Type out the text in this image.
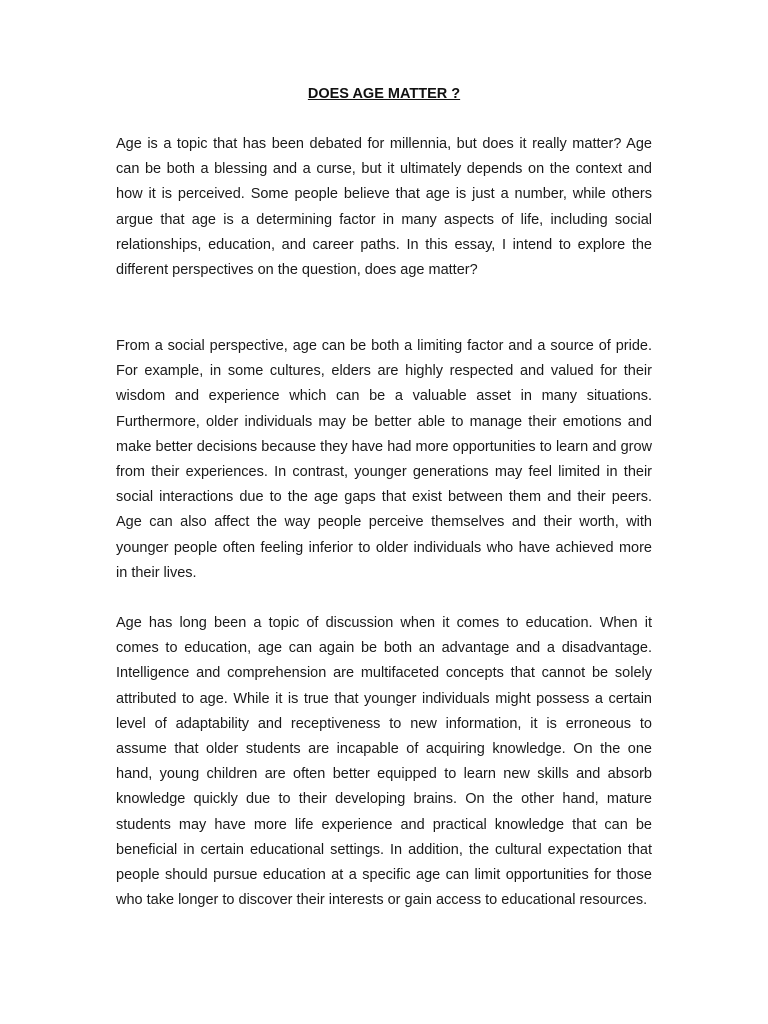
DOES AGE MATTER ?

Age is a topic that has been debated for millennia, but does it really matter? Age can be both a blessing and a curse, but it ultimately depends on the context and how it is perceived. Some people believe that age is just a number, while others argue that age is a determining factor in many aspects of life, including social relationships, education, and career paths. In this essay, I intend to explore the different perspectives on the question, does age matter?

From a social perspective, age can be both a limiting factor and a source of pride. For example, in some cultures, elders are highly respected and valued for their wisdom and experience which can be a valuable asset in many situations. Furthermore, older individuals may be better able to manage their emotions and make better decisions because they have had more opportunities to learn and grow from their experiences. In contrast, younger generations may feel limited in their social interactions due to the age gaps that exist between them and their peers. Age can also affect the way people perceive themselves and their worth, with younger people often feeling inferior to older individuals who have achieved more in their lives.

Age has long been a topic of discussion when it comes to education. When it comes to education, age can again be both an advantage and a disadvantage. Intelligence and comprehension are multifaceted concepts that cannot be solely attributed to age. While it is true that younger individuals might possess a certain level of adaptability and receptiveness to new information, it is erroneous to assume that older students are incapable of acquiring knowledge. On the one hand, young children are often better equipped to learn new skills and absorb knowledge quickly due to their developing brains. On the other hand, mature students may have more life experience and practical knowledge that can be beneficial in certain educational settings. In addition, the cultural expectation that people should pursue education at a specific age can limit opportunities for those who take longer to discover their interests or gain access to educational resources.
